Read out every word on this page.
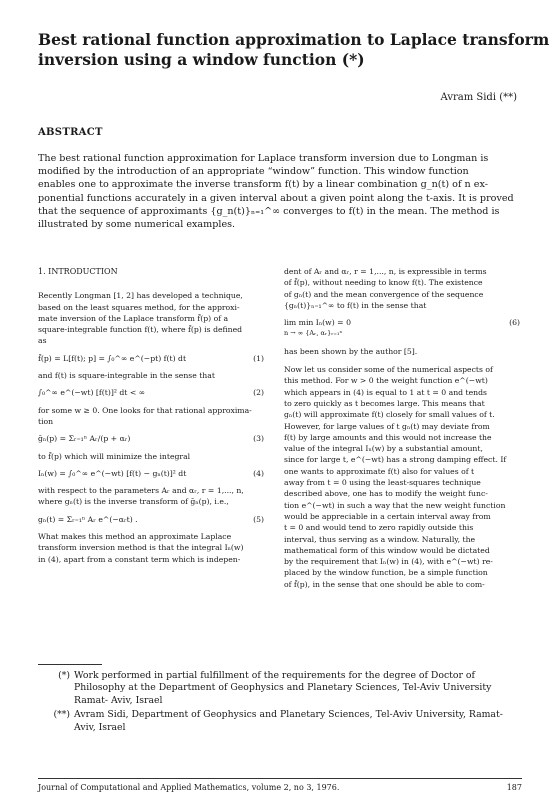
Best rational function approximation to Laplace transform
inversion using a window function (*)
Avram Sidi (**)
ABSTRACT
The best rational function approximation for Laplace transform inversion due to Longman is
modified by the introduction of an appropriate “window” function. This window function
enables one to approximate the inverse transform f(t) by a linear combination g_n(t) of n ex-
ponential functions accurately in a given interval about a given point along the t-axis. It is proved
that the sequence of approximants {g_n(t)}ₙ₌₁^∞ converges to f(t) in the mean. The method is
illustrated by some numerical examples.
1. INTRODUCTION
Recently Longman [1, 2] has developed a technique,
based on the least squares method, for the approxi-
mate inversion of the Laplace transform f̄(p) of a
square-integrable function f(t), where f̄(p) is defined
as
f̄(p) = L[f(t); p] = ∫₀^∞ e^(−pt) f(t) dt	(1)
and f(t) is square-integrable in the sense that
∫₀^∞ e^(−wt) [f(t)]² dt < ∞	(2)
for some w ≥ 0. One looks for that rational approxima-
tion
ḡₙ(p) = Σᵣ₌₁ⁿ Aᵣ/(p + αᵣ)	(3)
to f̄(p) which will minimize the integral
Iₙ(w) = ∫₀^∞ e^(−wt) [f(t) − gₙ(t)]² dt	(4)
with respect to the parameters Aᵣ and αᵣ, r = 1,..., n,
where gₙ(t) is the inverse transform of ḡₙ(p), i.e.,
gₙ(t) = Σᵣ₌₁ⁿ Aᵣ e^(−αᵣt) .	(5)
What makes this method an approximate Laplace
transform inversion method is that the integral Iₙ(w)
in (4), apart from a constant term which is indepen-
dent of Aᵣ and αᵣ, r = 1,..., n, is expressible in terms
of f̄(p), without needing to know f(t). The existence
of gₙ(t) and the mean convergence of the sequence
{gₙ(t)}ₙ₌₁^∞ to f(t) in the sense that
lim min Iₙ(w) = 0	(6)
n → ∞ {Aᵣ, αᵣ}ᵣ₌₁ⁿ
has been shown by the author [5].
Now let us consider some of the numerical aspects of
this method. For w > 0 the weight function e^(−wt)
which appears in (4) is equal to 1 at t = 0 and tends
to zero quickly as t becomes large. This means that
gₙ(t) will approximate f(t) closely for small values of t.
However, for large values of t gₙ(t) may deviate from
f(t) by large amounts and this would not increase the
value of the integral Iₙ(w) by a substantial amount,
since for large t, e^(−wt) has a strong damping effect. If
one wants to approximate f(t) also for values of t
away from t = 0 using the least-squares technique
described above, one has to modify the weight func-
tion e^(−wt) in such a way that the new weight function
would be appreciable in a certain interval away from
t = 0 and would tend to zero rapidly outside this
interval, thus serving as a window. Naturally, the
mathematical form of this window would be dictated
by the requirement that Iₙ(w) in (4), with e^(−wt) re-
placed by the window function, be a simple function
of f̄(p), in the sense that one should be able to com-
(*) Work performed in partial fulfillment of the requirements for the degree of Doctor of
Philosophy at the Department of Geophysics and Planetary Sciences, Tel-Aviv University
Ramat- Aviv, Israel
(**) Avram Sidi, Department of Geophysics and Planetary Sciences, Tel-Aviv University, Ramat-
Aviv, Israel
Journal of Computational and Applied Mathematics, volume 2, no 3, 1976.	187
